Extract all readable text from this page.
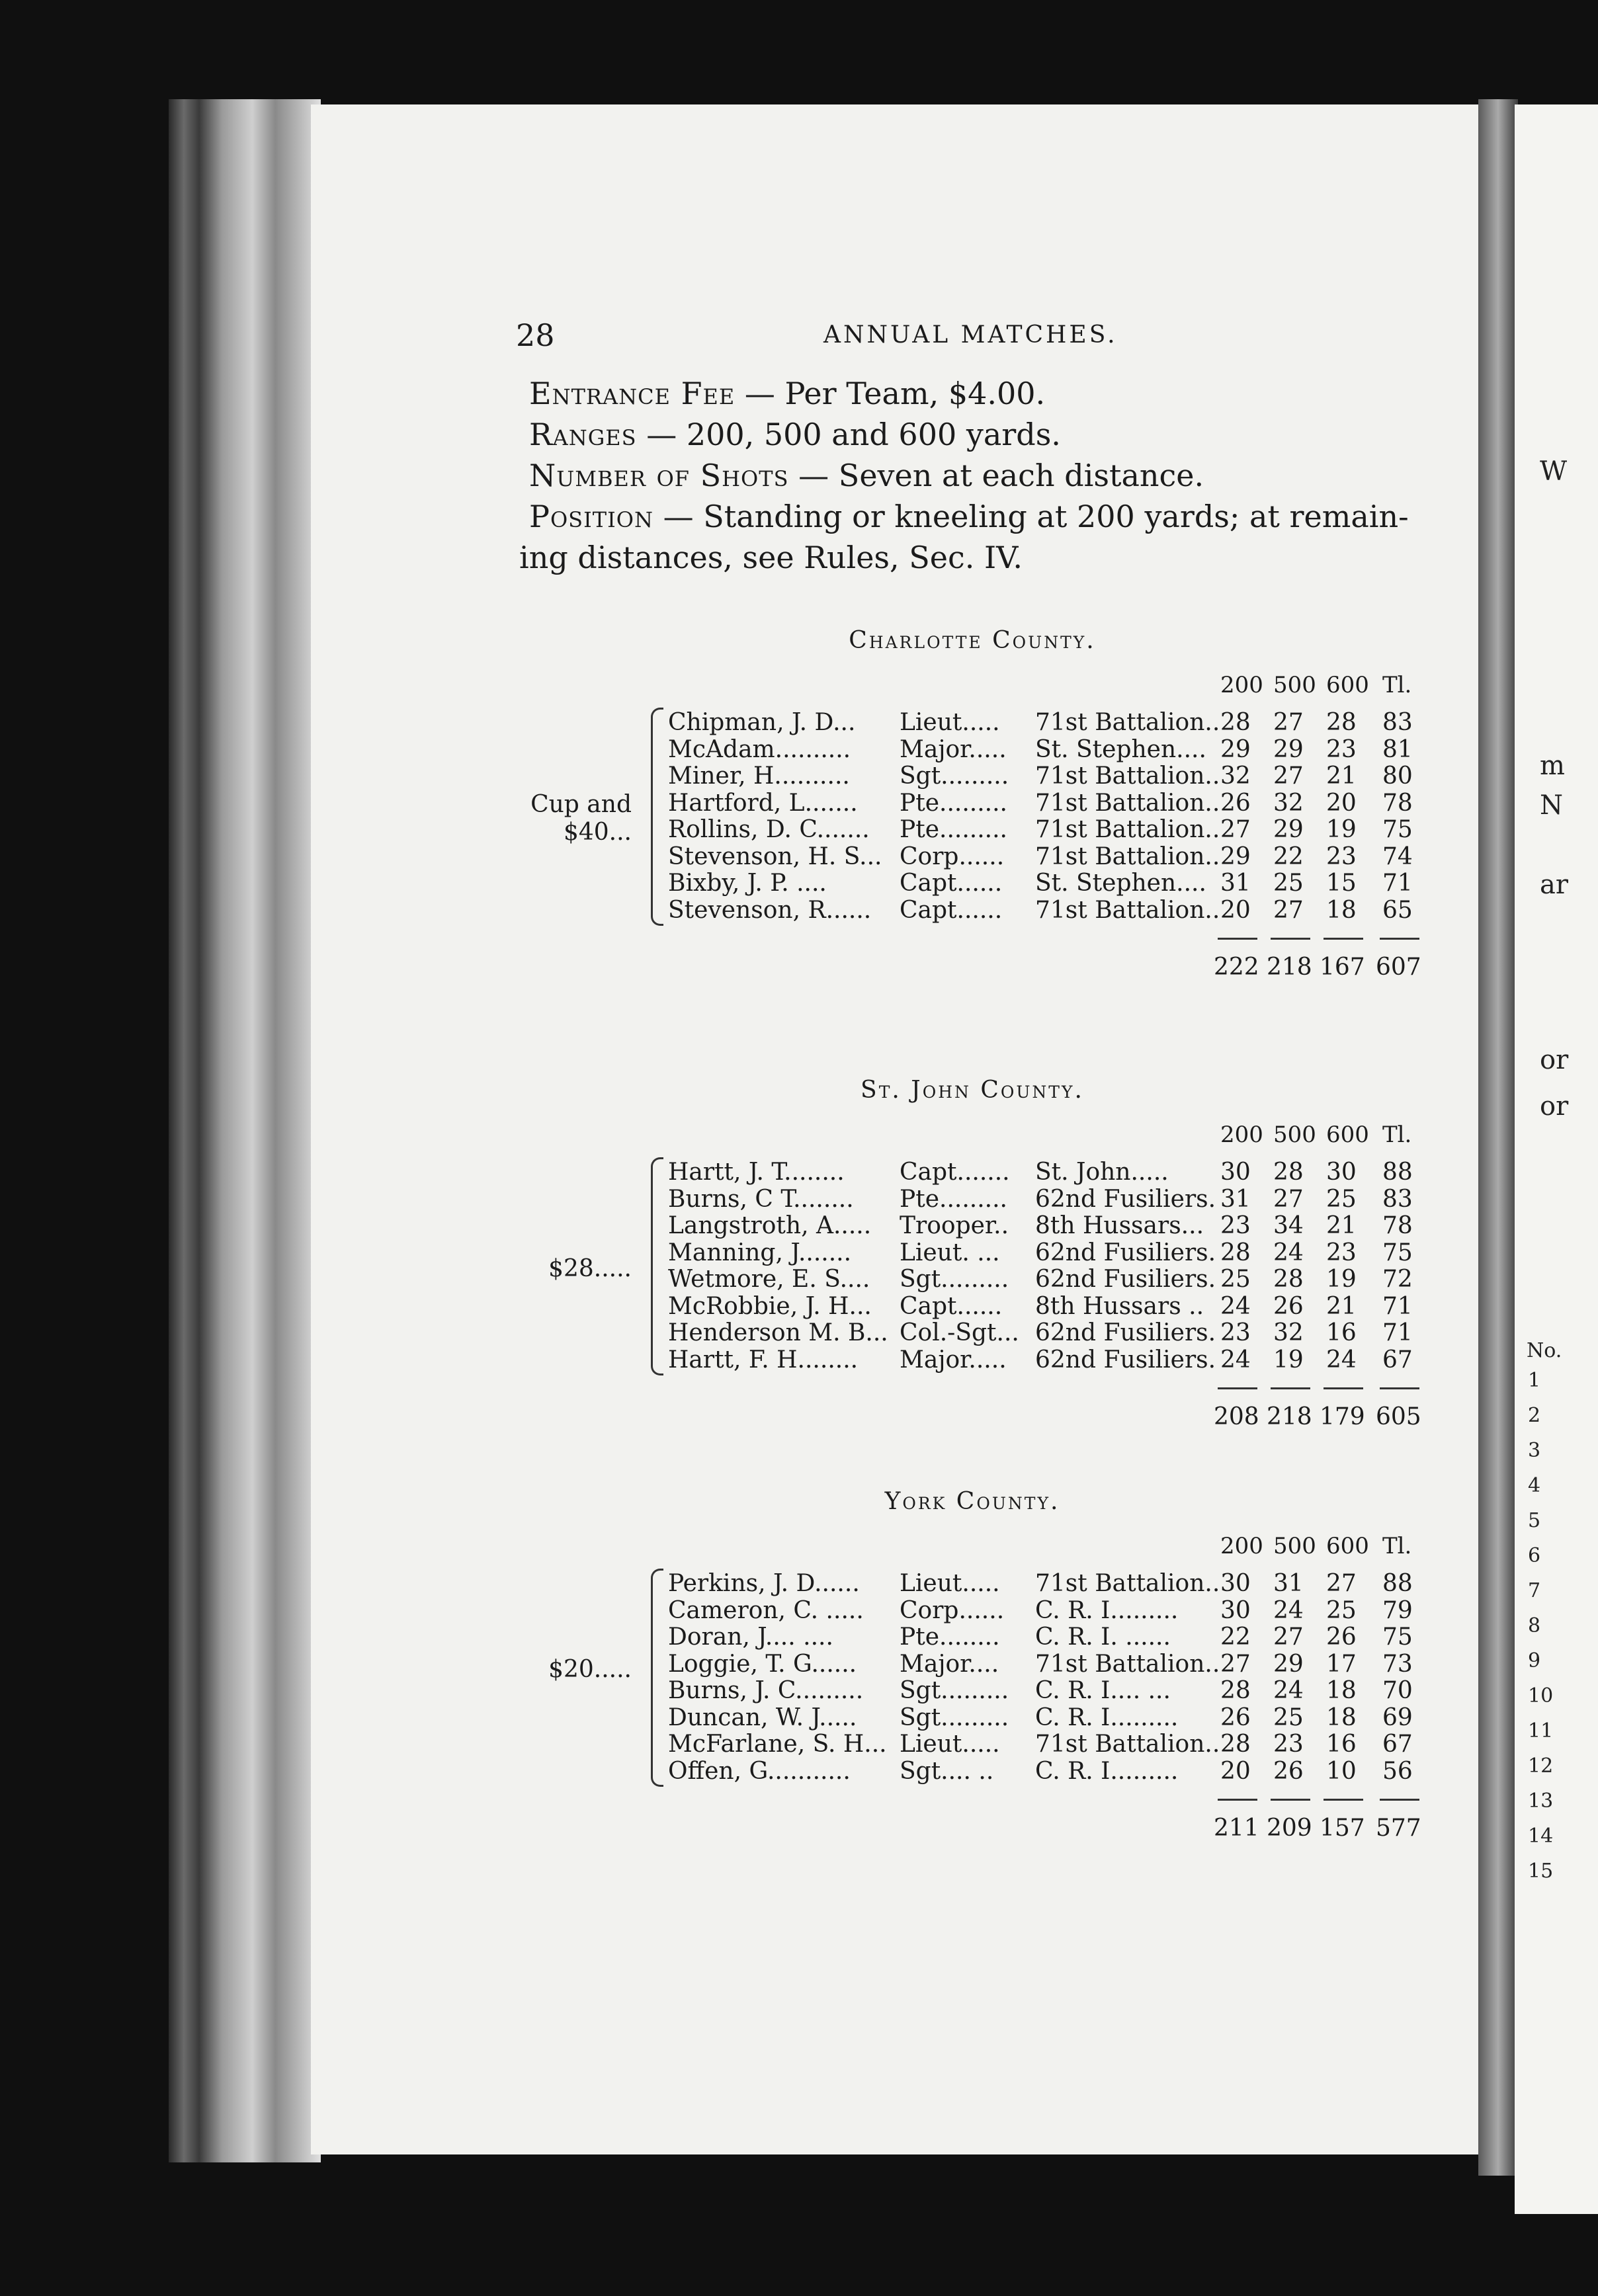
28	ANNUAL MATCHES.
Entrance Fee — Per Team, $4.00.
Ranges — 200, 500 and 600 yards.
Number of Shots — Seven at each distance.
Position — Standing or kneeling at 200 yards; at remain-
ing distances, see Rules, Sec. IV.
Charlotte County.
200 500 600 Tl.
Cup and
$40...
Chipman, J. D... Lieut..... 71st Battalion.. 28 27 28 83
McAdam.......... Major..... St. Stephen.... 29 29 23 81
Miner, H.......... Sgt......... 71st Battalion.. 32 27 21 80
Hartford, L....... Pte......... 71st Battalion.. 26 32 20 78
Rollins, D. C....... Pte......... 71st Battalion.. 27 29 19 75
Stevenson, H. S... Corp...... 71st Battalion.. 29 22 23 74
Bixby, J. P. ....	Capt...... St. Stephen.... 31 25 15 71
Stevenson, R...... Capt...... 71st Battalion.. 20 27 18 65
222 218 167 607
St. John County.
200 500 600 Tl.
$28.....
Hartt, J. T........ Capt....... St. John..... 30 28 30 88
Burns, C T........ Pte......... 62nd Fusiliers. 31 27 25 83
Langstroth, A..... Trooper.. 8th Hussars... 23 34 21 78
Manning, J....... Lieut. ... 62nd Fusiliers. 28 24 23 75
Wetmore, E. S.... Sgt......... 62nd Fusiliers. 25 28 19 72
McRobbie, J. H... Capt...... 8th Hussars .. 24 26 21 71
Henderson M. B... Col.-Sgt... 62nd Fusiliers. 23 32 16 71
Hartt, F. H........ Major..... 62nd Fusiliers. 24 19 24 67
208 218 179 605
York County.
200 500 600 Tl.
$20.....
Perkins, J. D...... Lieut..... 71st Battalion.. 30 31 27 88
Cameron, C. ..... Corp...... C. R. I......... 30 24 25 79
Doran, J.... ....	Pte........ C. R. I. ...... 22 27 26 75
Loggie, T. G...... Major.... 71st Battalion.. 27 29 17 73
Burns, J. C......... Sgt......... C. R. I.... ... 28 24 18 70
Duncan, W. J..... Sgt......... C. R. I......... 26 25 18 69
McFarlane, S. H... Lieut..... 71st Battalion.. 28 23 16 67
Offen, G........... Sgt.... .. C. R. I......... 20 26 10 56
211 209 157 577
W
m
N
ar
or
or
No.
1
2
3
4
5
6
7
8
9
10
11
12
13
14
15
